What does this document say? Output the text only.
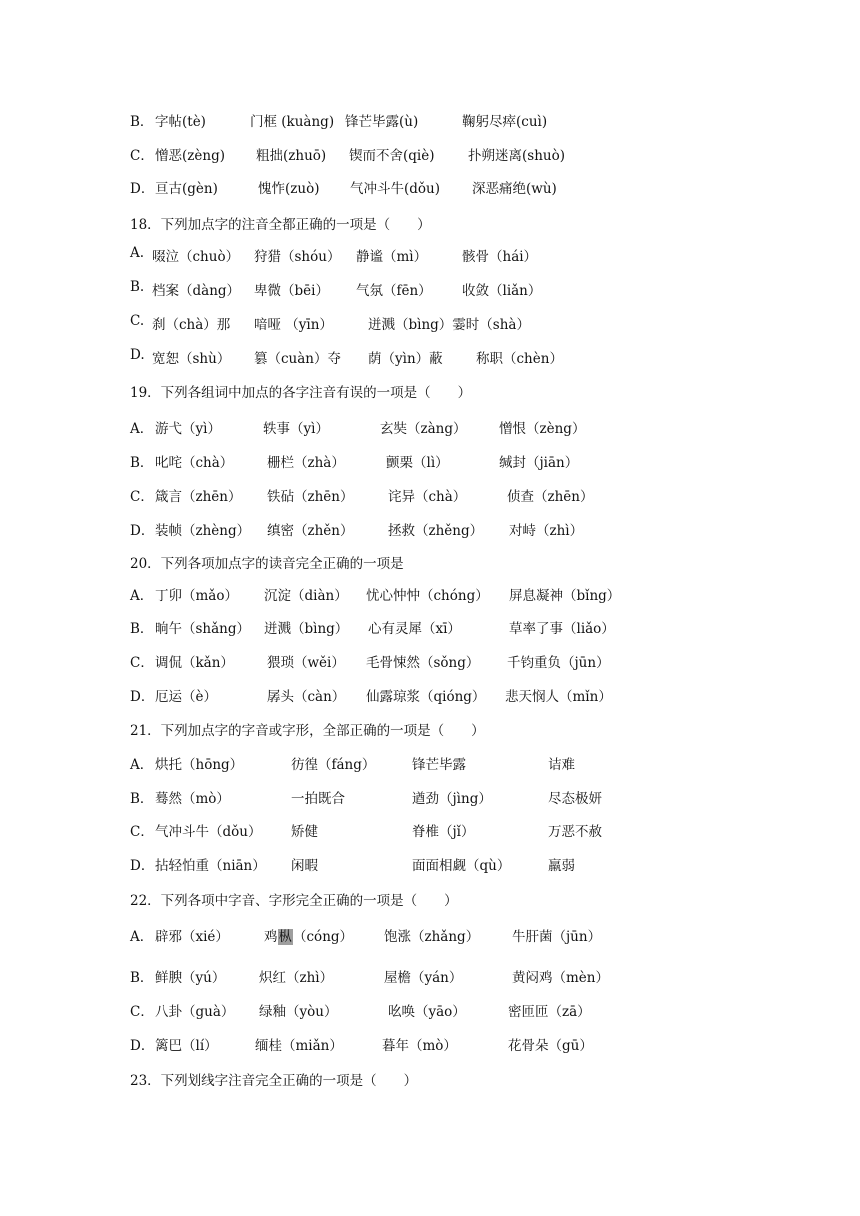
B． 字帖(tè)	门框 (kuàng) 锋芒毕露(ù)	鞠躬尽瘁(cuì)
C． 憎恶(zèng) 粗拙(zhuō) 锲而不舍(qiè) 扑朔迷离(shuò)
D． 亘古(gèn)	愧怍(zuò) 气冲斗牛(dǒu) 深恶痛绝(wù)
18．下列加点字的注音全都正确的一项是（　　）
A. 啜泣（chuò） 狩猎（shóu） 静谧（mì）	骸骨（hái）
B. 档案（dàng） 卑微（bēi） 气氛（fēn） 收敛（liǎn）
C. 刹（chà）那 喑哑 （yīn）	迸溅（bìng）霎时（shà）
D. 宽恕（shù） 篡（cuàn）夺 荫（yìn）蔽 称职（chèn）
19．下列各组词中加点的各字注音有误的一项是（　　）
A． 游弋（yì）	轶事（yì）	玄奘（zàng） 憎恨（zèng）
B． 叱咤（chà） 栅栏（zhà）	颤栗（lì）	缄封（jiān）
C． 箴言（zhēn） 铁砧（zhēn）	诧异（chà）	侦查（zhēn）
D． 装帧（zhèng） 缜密（zhěn）	拯救（zhěng） 对峙（zhì）
20．下列各项加点字的读音完全正确的一项是
A． 丁卯（mǎo） 沉淀（diàn） 忧心忡忡（chóng） 屏息凝神（bǐng）
B． 晌午（shǎng） 迸溅（bìng） 心有灵犀（xī）	草率了事（liǎo）
C． 调侃（kǎn） 猥琐（wěi） 毛骨悚然（sǒng） 千钧重负（jūn）
D． 厄运（è）	孱头（càn） 仙露琼浆（qióng） 悲天悯人（mǐn）
21．下列加点字的字音或字形，全部正确的一项是（　　）
A． 烘托（hōng）	彷徨（fáng）	锋芒毕露	诘难
B． 蓦然（mò）	一拍既合	遒劲（jìng）	尽态极妍
C． 气冲斗牛（dǒu） 矫健	脊椎（jǐ）	万恶不赦
D． 拈轻怕重（niān） 闲暇	面面相觑（qù）	羸弱
22．下列各项中字音、字形完全正确的一项是（　　）
A． 辟邪（xié）	鸡枞（cóng） 饱涨（zhǎng） 牛肝菌（jūn）
B． 鲜腴（yú） 炽红（zhì）	屋檐（yán）	黄闷鸡（mèn）
C． 八卦（guà） 绿釉（yòu）	吆唤（yāo）	密匝匝（zā）
D． 篱巴（lí）	缅桂（miǎn）	暮年（mò）	花骨朵（gū）
23．下列划线字注音完全正确的一项是（　　）
